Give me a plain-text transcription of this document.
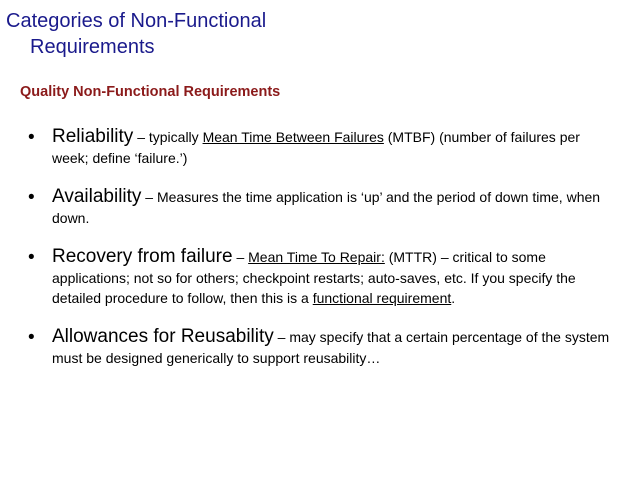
Categories of Non-Functional
Requirements
Quality Non-Functional Requirements
• Reliability – typically Mean Time Between Failures (MTBF) (number of failures per week; define ‘failure.’)
• Availability – Measures the time application is ‘up’ and the period of down time, when down.
• Recovery from failure – Mean Time To Repair: (MTTR) – critical to some applications; not so for others; checkpoint restarts; auto-saves, etc. If you specify the detailed procedure to follow, then this is a functional requirement.
• Allowances for Reusability – may specify that a certain percentage of the system must be designed generically to support reusability…
